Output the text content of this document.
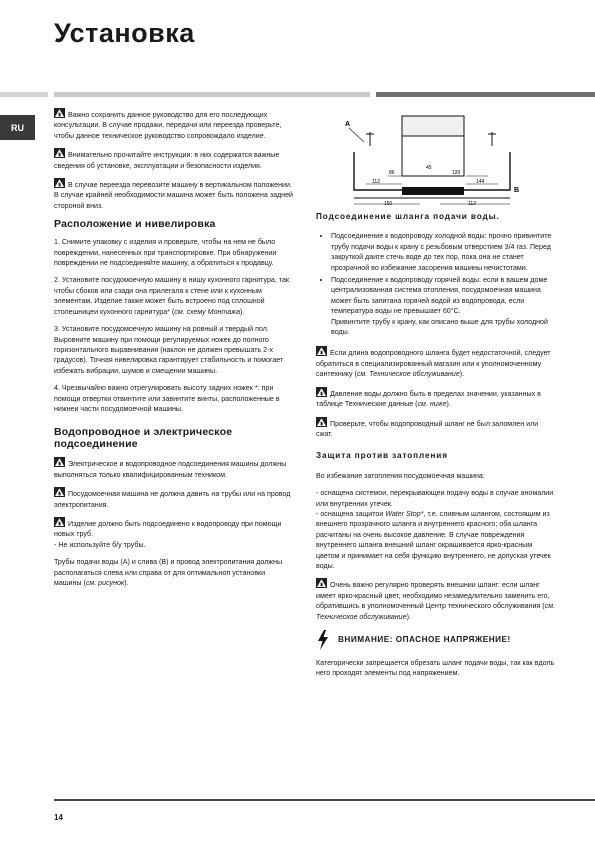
Установка
RU

Важно сохранить данное руководство для его последующих консультации. В случае продажи, передачи или переезда проверьте, чтобы данное техническое руководство сопровождало изделие.

Внимательно прочитайте инструкции: в них содержатся важные сведения об установке, эксплуатации и безопасности изделия.

В случае переезда перевозите машину в вертикальном положении. В случае крайней необходимости машина может быть положена задней стороной вниз.

Расположение и нивелировка

1. Снимите упаковку с изделия и проверьте, чтобы на нем не было повреждении, нанесенных при транспортировке. При обнаружении повреждении не подсоединяйте машину, а обратиться к продавцу.

2. Установите посудомоечную машину в нишу кухонного гарнитура, так чтобы сбоков или сзади она прилегала к стене или к кухонным элементам. Изделие также может быть встроено под сплошной столешницеи кухонного гарнитура* (см. схему Монтажа).

3. Установите посудомоечную машину на ровный и твердый пол. Выровните машину при помощи регулируемых ножек до полного горизонтального выравнивания (наклон не должен превышать 2-х градусов). Точная нивелировка гарантирует стабильность и помогает избежать вибрации, шумов и смещении машины.

4. Чрезвычайно важно отрегулировать высоту задних ножек *: при помощи отвертки отвинтите или завинтите винты, расположенные в нижнеи части посудомоечной машины.

Водопроводное и электрическое подсоединение

Электрическое и водопроводное подсоединения машины должны выполняться только квалифицированным техником.

Посудомоечная машина не должна давить на трубы или на провод электропитания.

Изделие должно быть подсоединено к водопроводу при помощи новых труб.
- Не используйте б/у трубы.

Трубы подачи воды (A) и слива (B) и провод электропитания должны располагаться слева или справа от для оптимальноп установки машины (см. рисунок).

A
86
45
120
112	144
150	112
B
Подсоединение шланга подачи воды.
• Подсоединение к водопроводу холодной воды: прочно привинтите трубу подачи воды к крану с резьбовым отверстием 3/4 газ. Перед закруткой даите стечь воде до тех пор, пока она не станет прозрачной во избежание засорения машины нечистотами.
• Подсоединение к водопроводу горячей воды: если в вашем доме централизованная система отопления, посудомоечная машина может быть запитана горячей водой из водопровода, если температура воды не превышает 60°C.
Привинтите трубу к крану, как описано выше для трубы холодной воды.

Если длина водопроводного шланга будет недостаточной, следует обратиться в специализированный магазин или к уполномоченному сантехнику (см. Техническое обслуживание).

Давление воды должно быть в пределах значении, указанных в таблице Технические данные (см. ниже).

Проверьте, чтобы водопроводный шланг не был заломлен или сжат.

Защита против затопления

Во избежание затопления посудомоечная машина:

- оснащена системои, перекрывающеи подачу воды в случае аномалии или внутренних утечек.

- оснащена защитои Water Stop*, т.е. сливным шлангом, состоящим из внешнего прозрачного шланга и внутреннего красного; оба шланга расчитаны на очень высокое давление. В случае повреждения внутреннего шланга внешний шланг окрашивается ярко-красным цветом и принимает на себя функцию внутреннего, не допуская утечек воды.

Очень важно регулярно проверять внешнии шланг: если шланг имеет ярко-красный цвет, необходимо незамедлительно заменить его, обратившись в уполномоченный Центр технического обслуживания (см. Техническое обслуживание).

ВНИМАНИЕ: ОПАСНОЕ НАПРЯЖЕНИЕ!

Категорически запрещается обрезать шланг подачи воды, так как вдоль него проходят элементы под напряжением.

14
